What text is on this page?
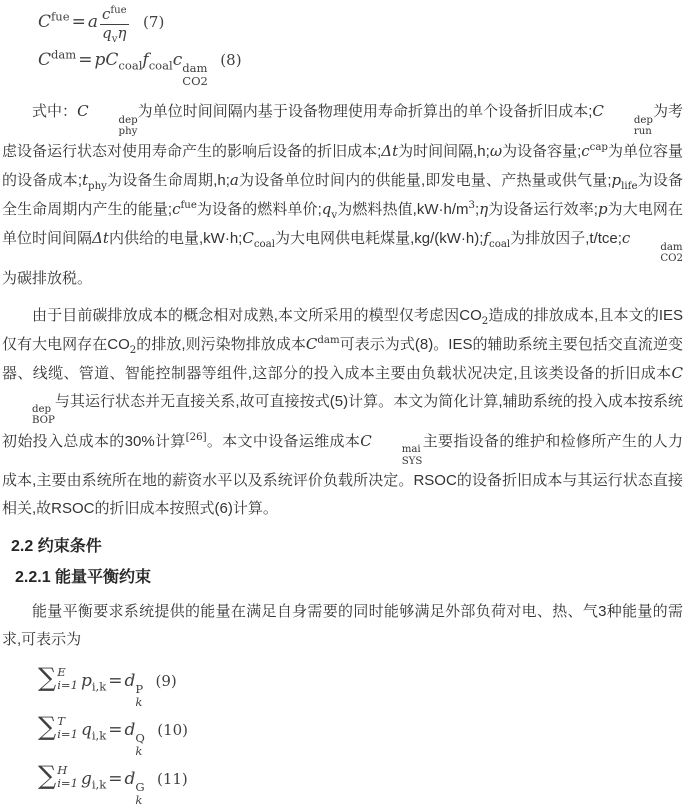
$C^{fue} = a \frac{c^{fue}}{q_v\eta} (7)$
$C^{dam} = pC_{coal}f_{coal}c$ dam
CO2
(8)

式中：C	dep
phy
为单位时间间隔内基于设备物理使用寿命折算出的单个设备折旧成本;C	dep
run
为考虑设备运行状态对使用寿命产生的影响后设备的折旧成本;Δt为时间间隔,h;ω为设备容量$;c^{cap}$为单位容量的设备成本$;t_{phy}$为设备生命周期,h;a为设备单位时间内的供能量,即发电量、产热量或供气量$;p_{life}$为设备全生命周期内产生的能量$;c^{fue}$为设备的燃料单价$;q_v$为燃料热值$,kW\cdot h/m^3;\eta$为设备运行效率;p为大电网在单位时间间隔Δt内供给的电量$,kW\cdot h;C_{coal}$为大电网供电耗煤量$,kg/(kW\cdot h);f_{coal}$为排放因子,t/tce;c	dam
CO2
为碳排放税。

由于目前碳排放成本的概念相对成熟,本文所采用的模型仅考虑因$CO_2$造成的排放成本,且本文的IES仅有大电网存在$CO_2$的排放,则污染物排放成本$C^{dam}$可表示为式(8)。IES的辅助系统主要包括交直流逆变器、线缆、管道、智能控制器等组件,这部分的投入成本主要由负载状况决定,且该类设备的折旧成本C
dep
BOP
与其运行状态并无直接关系,故可直接按式(5)计算。本文为简化计算,辅助系统的投入成本按系统初始投入总成本的30%计算[26]。本文中设备运维成本C	mai
SYS
主要指设备的维护和检修所产生的人力成本,主要由系统所在地的薪资水平以及系统评价负载所决定。RSOC的设备折旧成本与其运行状态直接相关,故RSOC的折旧成本按照式(6)计算。

2.2 约束条件
2.2.1 能量平衡约束

能量平衡要求系统提供的能量在满足自身需要的同时能够满足外部负荷对电、热、气3种能量的需求,可表示为

∑ E
i=1 $p_{i,k} = d$ P
k
(9)
∑ T
i=1 $q_{i,k} = d$ Q
k
(10)
∑ H
i=1 $g_{i,k} = d$ G
k
(11)
